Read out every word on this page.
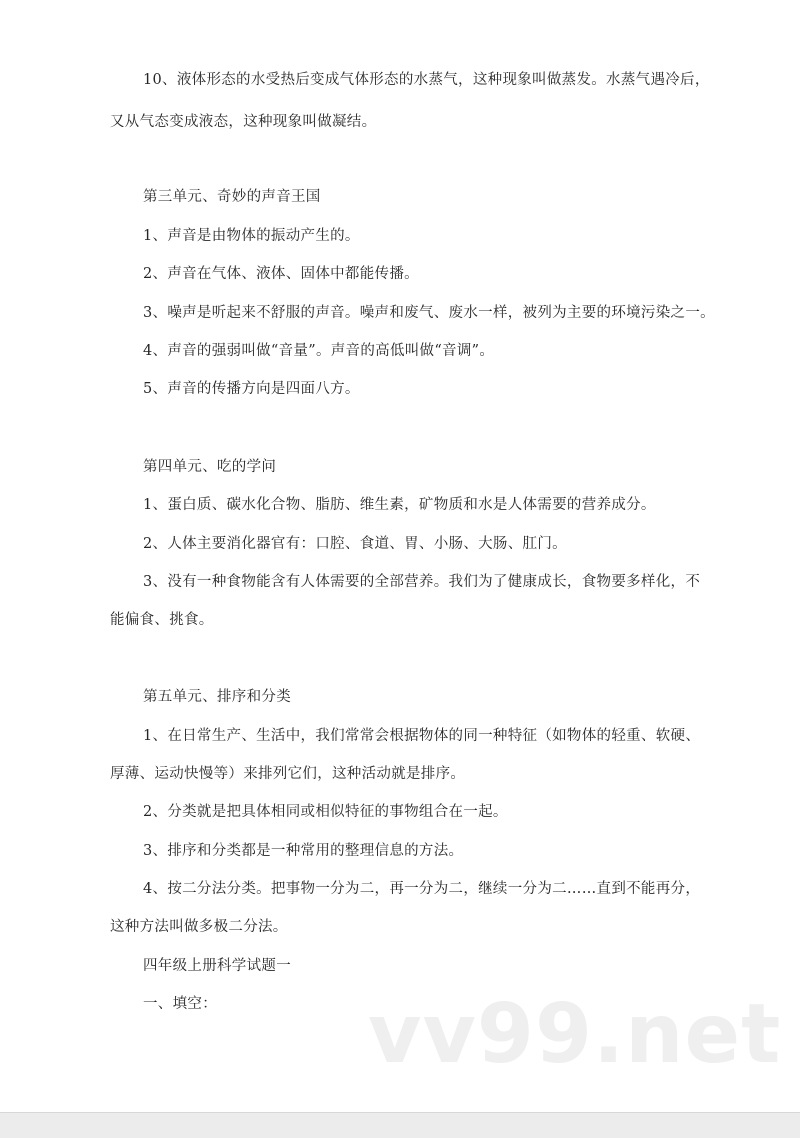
10、液体形态的水受热后变成气体形态的水蒸气，这种现象叫做蒸发。水蒸气遇冷后，
又从气态变成液态，这种现象叫做凝结。
第三单元、奇妙的声音王国
1、声音是由物体的振动产生的。
2、声音在气体、液体、固体中都能传播。
3、噪声是听起来不舒服的声音。噪声和废气、废水一样，被列为主要的环境污染之一。
4、声音的强弱叫做“音量”。声音的高低叫做“音调”。
5、声音的传播方向是四面八方。
第四单元、吃的学问
1、蛋白质、碳水化合物、脂肪、维生素，矿物质和水是人体需要的营养成分。
2、人体主要消化器官有：口腔、食道、胃、小肠、大肠、肛门。
3、没有一种食物能含有人体需要的全部营养。我们为了健康成长，食物要多样化，不
能偏食、挑食。
第五单元、排序和分类
1、在日常生产、生活中，我们常常会根据物体的同一种特征（如物体的轻重、软硬、
厚薄、运动快慢等）来排列它们，这种活动就是排序。
2、分类就是把具体相同或相似特征的事物组合在一起。
3、排序和分类都是一种常用的整理信息的方法。
4、按二分法分类。把事物一分为二，再一分为二，继续一分为二……直到不能再分，
这种方法叫做多极二分法。
四年级上册科学试题一
一、填空： vv99.net
